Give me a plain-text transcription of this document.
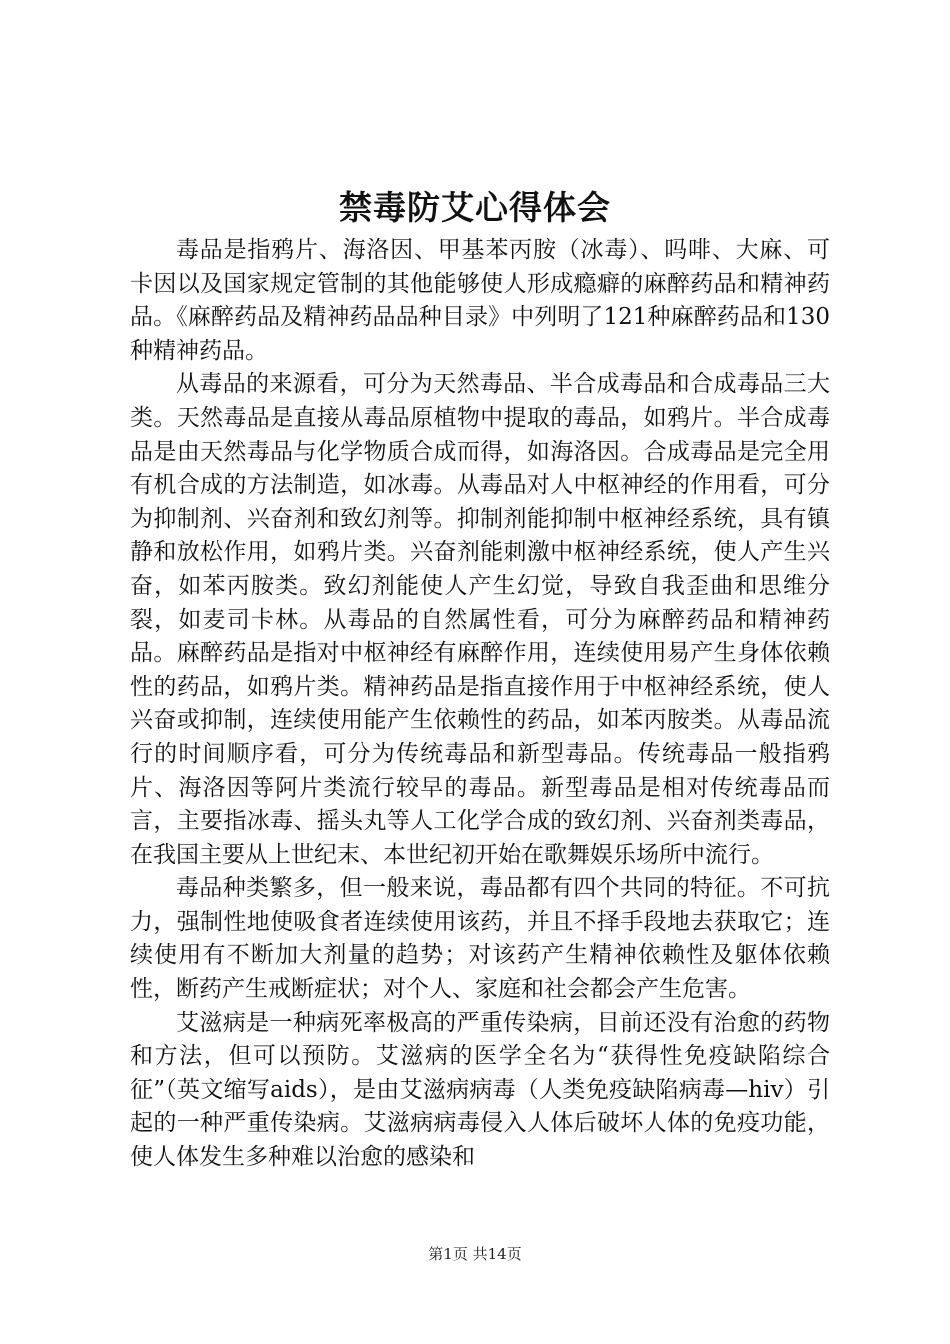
禁毒防艾心得体会

毒品是指鸦片、海洛因、甲基苯丙胺（冰毒）、吗啡、大麻、可卡因以及国家规定管制的其他能够使人形成瘾癖的麻醉药品和精神药品。《麻醉药品及精神药品品种目录》中列明了121种麻醉药品和130种精神药品。

从毒品的来源看，可分为天然毒品、半合成毒品和合成毒品三大类。天然毒品是直接从毒品原植物中提取的毒品，如鸦片。半合成毒品是由天然毒品与化学物质合成而得，如海洛因。合成毒品是完全用有机合成的方法制造，如冰毒。从毒品对人中枢神经的作用看，可分为抑制剂、兴奋剂和致幻剂等。抑制剂能抑制中枢神经系统，具有镇静和放松作用，如鸦片类。兴奋剂能刺激中枢神经系统，使人产生兴奋，如苯丙胺类。致幻剂能使人产生幻觉，导致自我歪曲和思维分裂，如麦司卡林。从毒品的自然属性看，可分为麻醉药品和精神药品。麻醉药品是指对中枢神经有麻醉作用，连续使用易产生身体依赖性的药品，如鸦片类。精神药品是指直接作用于中枢神经系统，使人兴奋或抑制，连续使用能产生依赖性的药品，如苯丙胺类。从毒品流行的时间顺序看，可分为传统毒品和新型毒品。传统毒品一般指鸦片、海洛因等阿片类流行较早的毒品。新型毒品是相对传统毒品而言，主要指冰毒、摇头丸等人工化学合成的致幻剂、兴奋剂类毒品，在我国主要从上世纪末、本世纪初开始在歌舞娱乐场所中流行。

毒品种类繁多，但一般来说，毒品都有四个共同的特征。不可抗力，强制性地使吸食者连续使用该药，并且不择手段地去获取它；连续使用有不断加大剂量的趋势；对该药产生精神依赖性及躯体依赖性，断药产生戒断症状；对个人、家庭和社会都会产生危害。

艾滋病是一种病死率极高的严重传染病，目前还没有治愈的药物和方法，但可以预防。艾滋病的医学全名为“获得性免疫缺陷综合征”（英文缩写aids），是由艾滋病病毒（人类免疫缺陷病毒—hiv）引起的一种严重传染病。艾滋病病毒侵入人体后破坏人体的免疫功能，使人体发生多种难以治愈的感染和

第1页 共14页
